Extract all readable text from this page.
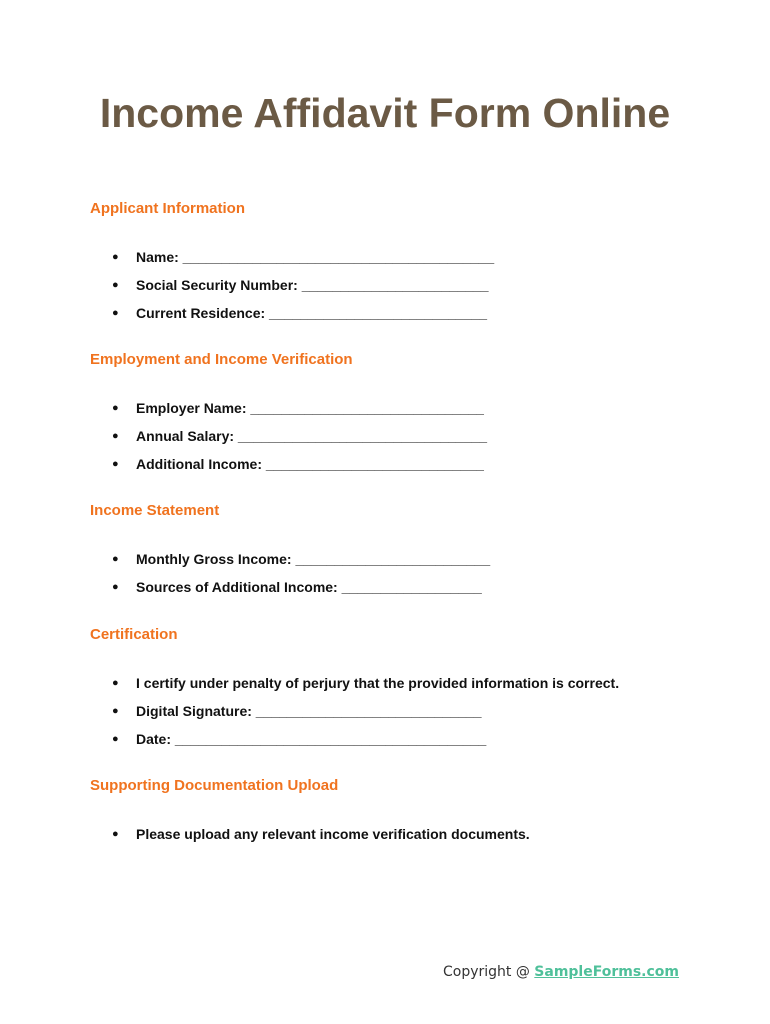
Income Affidavit Form Online
Applicant Information
● Name: ________________________________________
● Social Security Number: ________________________
● Current Residence: ____________________________
Employment and Income Verification
● Employer Name: ______________________________
● Annual Salary: ________________________________
● Additional Income: ____________________________
Income Statement
● Monthly Gross Income: _________________________
● Sources of Additional Income: __________________
Certification
● I certify under penalty of perjury that the provided information is correct.
● Digital Signature: _____________________________
● Date: ________________________________________
Supporting Documentation Upload
● Please upload any relevant income verification documents.
Copyright @ SampleForms.com
